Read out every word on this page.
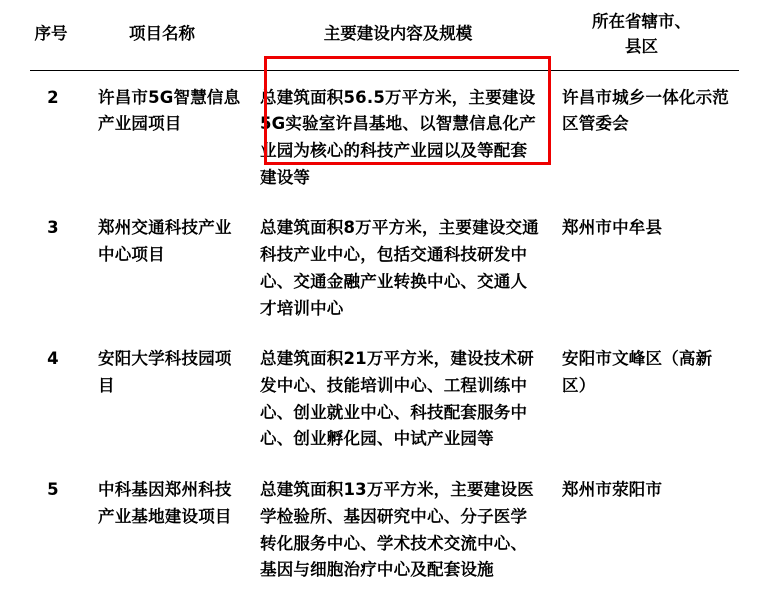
序号	项目名称	主要建设内容及规模	所在省辖市、
县区

2	许昌市5G智慧信息产业园项目	总建筑面积56.5万平方米，主要建设5G实验室许昌基地、以智慧信息化产业园为核心的科技产业园以及等配套建设等	许昌市城乡一体化示范区管委会
3	郑州交通科技产业中心项目	总建筑面积8万平方米，主要建设交通科技产业中心，包括交通科技研发中心、交通金融产业转换中心、交通人才培训中心	郑州市中牟县
4	安阳大学科技园项目	总建筑面积21万平方米，建设技术研发中心、技能培训中心、工程训练中心、创业就业中心、科技配套服务中心、创业孵化园、中试产业园等	安阳市文峰区（高新区）
5	中科基因郑州科技产业基地建设项目	总建筑面积13万平方米，主要建设医学检验所、基因研究中心、分子医学转化服务中心、学术技术交流中心、基因与细胞治疗中心及配套设施	郑州市荥阳市
